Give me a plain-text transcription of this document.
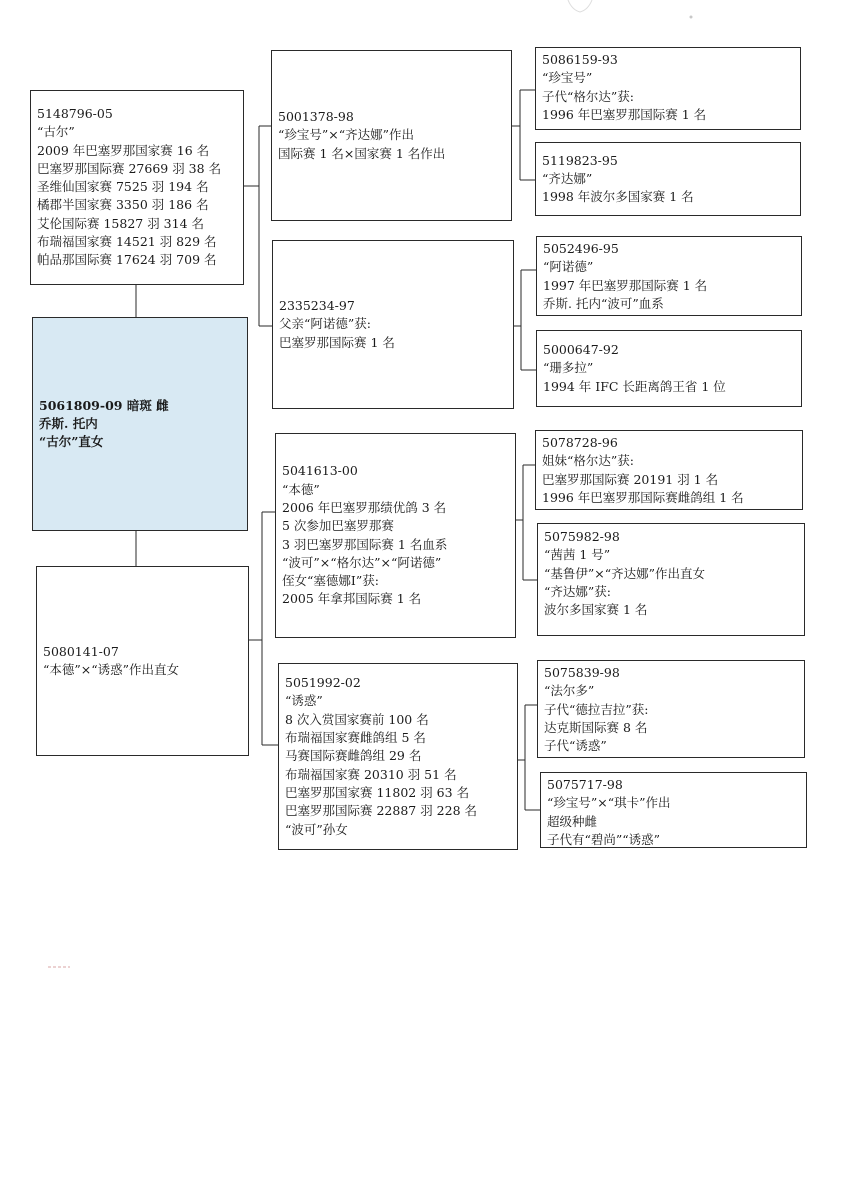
5148796-05
“古尔”
2009 年巴塞罗那国家赛 16 名
巴塞罗那国际赛 27669 羽 38 名
圣维仙国家赛 7525 羽 194 名
橘郡半国家赛 3350 羽 186 名
艾伦国际赛 15827 羽 314 名
布瑞福国家赛 14521 羽 829 名
帕品那国际赛 17624 羽 709 名
5061809-09 暗斑 雌
乔斯. 托内
“古尔”直女
5080141-07
“本德”×“诱惑”作出直女
5001378-98
“珍宝号”×“齐达娜”作出
国际赛 1 名×国家赛 1 名作出
2335234-97
父亲“阿诺德”获:
巴塞罗那国际赛 1 名
5041613-00
“本德”
2006 年巴塞罗那绩优鸽 3 名
5 次参加巴塞罗那赛
3 羽巴塞罗那国际赛 1 名血系
“波可”×“格尔达”×“阿诺德”
侄女“塞德娜Ⅰ”获:
2005 年拿邦国际赛 1 名
5051992-02
“诱惑”
8 次入赏国家赛前 100 名
布瑞福国家赛雌鸽组 5 名
马赛国际赛雌鸽组 29 名
布瑞福国家赛 20310 羽 51 名
巴塞罗那国家赛 11802 羽 63 名
巴塞罗那国际赛 22887 羽 228 名
“波可”孙女
5086159-93
“珍宝号”
子代“格尔达”获:
1996 年巴塞罗那国际赛 1 名
5119823-95
“齐达娜”
1998 年波尔多国家赛 1 名
5052496-95
“阿诺德”
1997 年巴塞罗那国际赛 1 名
乔斯. 托内“波可”血系
5000647-92
“珊多拉”
1994 年 IFC 长距离鸽王省 1 位
5078728-96
姐妹“格尔达”获:
巴塞罗那国际赛 20191 羽 1 名
1996 年巴塞罗那国际赛雌鸽组 1 名
5075982-98
“茜茜 1 号”
“基鲁伊”×“齐达娜”作出直女
“齐达娜”获:
波尔多国家赛 1 名
5075839-98
“法尔多”
子代“德拉吉拉”获:
达克斯国际赛 8 名
子代“诱惑”
5075717-98
“珍宝号”×“琪卡”作出
超级种雌
子代有“碧尚”“诱惑”
